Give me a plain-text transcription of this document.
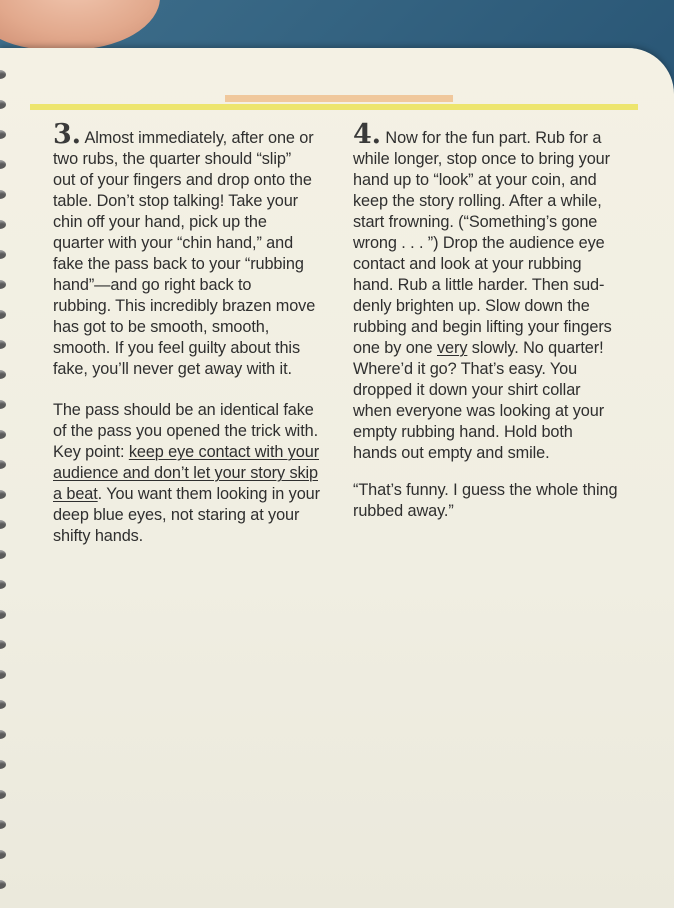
3. Almost immediately, after one or
two rubs, the quarter should “slip”
out of your fingers and drop onto the
table. Don’t stop talking! Take your
chin off your hand, pick up the
quarter with your “chin hand,” and
fake the pass back to your “rubbing
hand”—and go right back to
rubbing. This incredibly brazen move
has got to be smooth, smooth,
smooth. If you feel guilty about this
fake, you’ll never get away with it.

The pass should be an identical fake
of the pass you opened the trick with.
Key point: keep eye contact with your
audience and don’t let your story skip
a beat. You want them looking in your
deep blue eyes, not staring at your
shifty hands.

4. Now for the fun part. Rub for a
while longer, stop once to bring your
hand up to “look” at your coin, and
keep the story rolling. After a while,
start frowning. (“Something’s gone
wrong . . . ”) Drop the audience eye
contact and look at your rubbing
hand. Rub a little harder. Then sud-
denly brighten up. Slow down the
rubbing and begin lifting your fingers
one by one very slowly. No quarter!
Where’d it go? That’s easy. You
dropped it down your shirt collar
when everyone was looking at your
empty rubbing hand. Hold both
hands out empty and smile.

“That’s funny. I guess the whole thing
rubbed away.”
